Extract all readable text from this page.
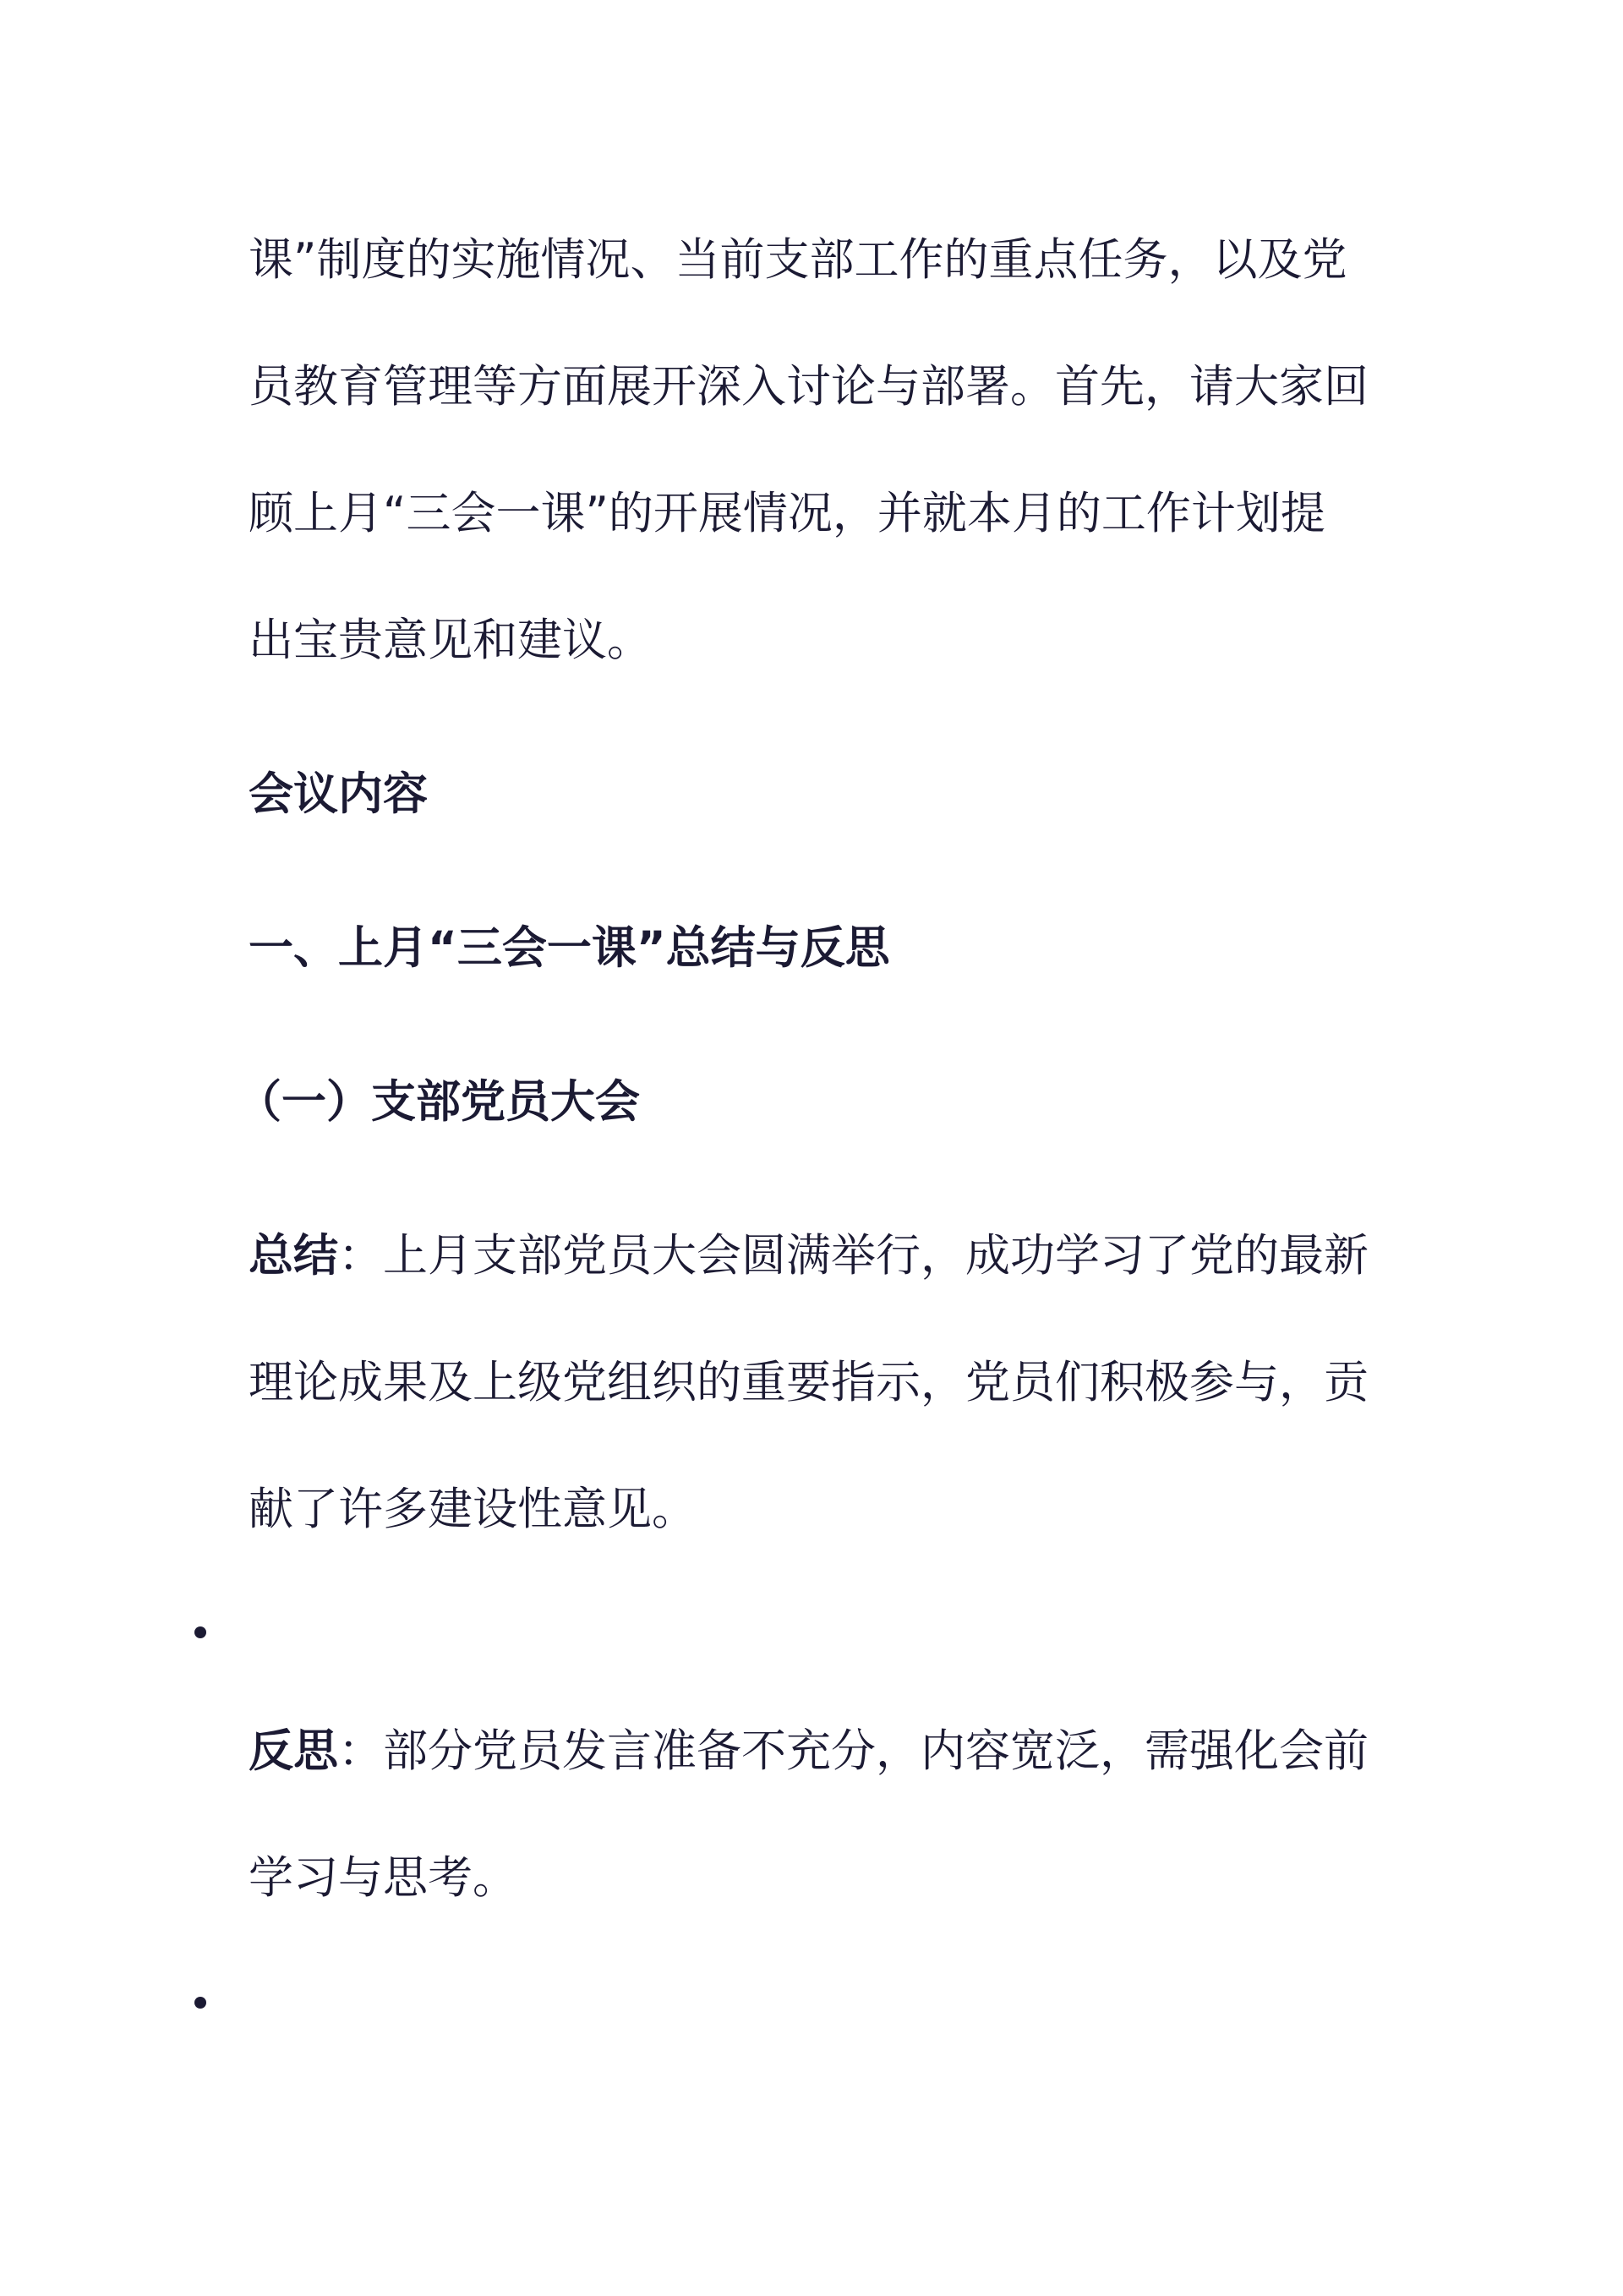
课”制度的实施情况、当前支部工作的重点任务，以及党
员教育管理等方面展开深入讨论与部署。首先，请大家回
顾上月“三会一课”的开展情况，并就本月的工作计划提
出宝贵意见和建议。
会议内容
一、上月“三会一课”总结与反思
（一）支部党员大会
总结：上月支部党员大会圆满举行，成功学习了党的最新
理论成果及上级党组织的重要指示，党员们积极参与，贡
献了许多建设性意见。
反思：部分党员发言准备不充分，内容宽泛，需强化会前
学习与思考。
